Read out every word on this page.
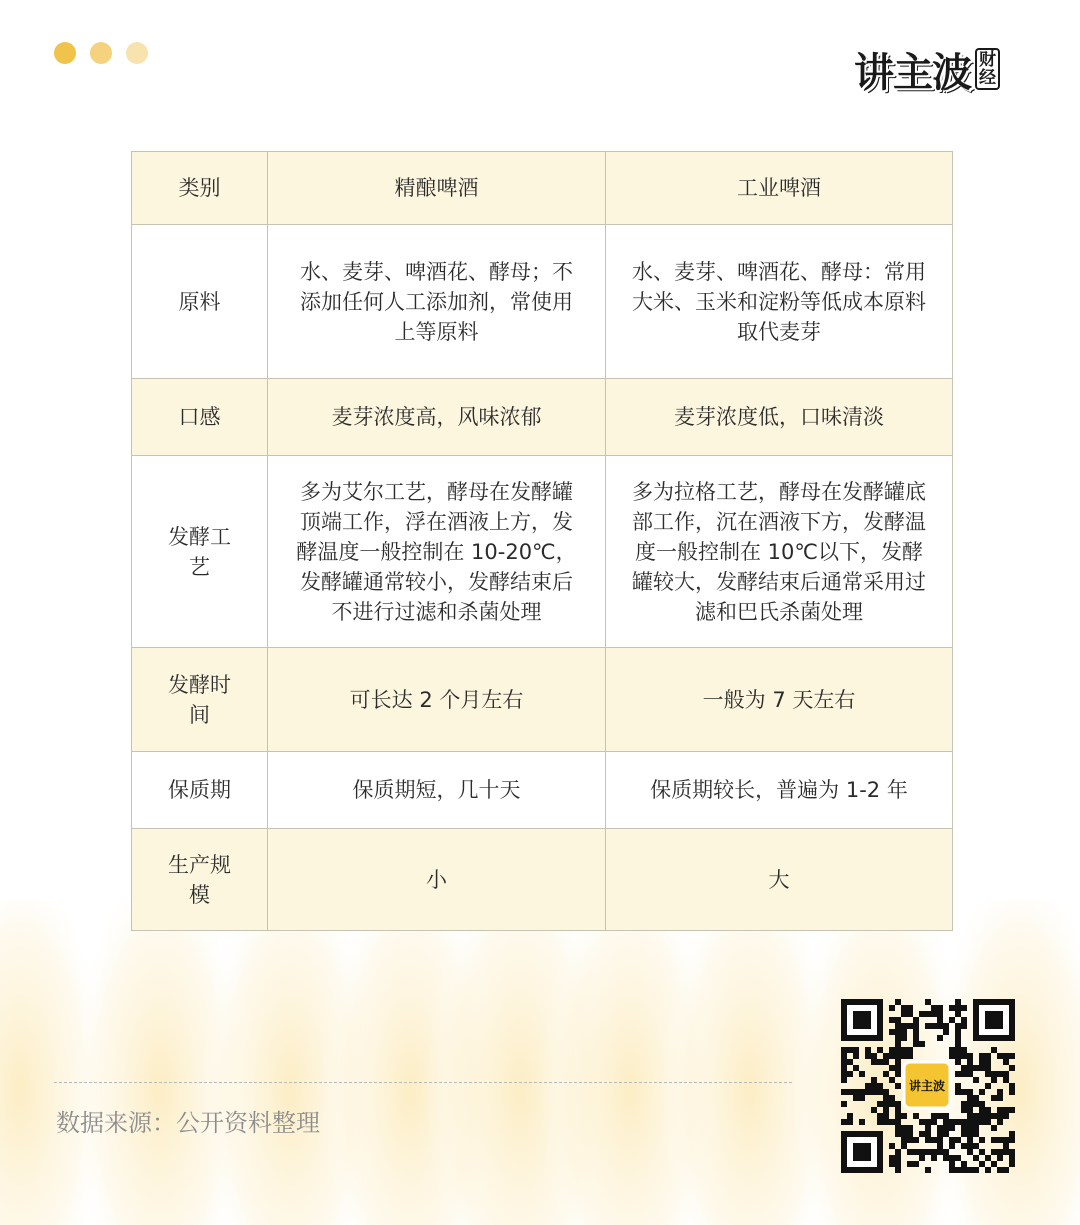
讲主波 财
经
类别	精酿啤酒	工业啤酒
原料	水、麦芽、啤酒花、酵母；不添加任何人工添加剂，常使用上等原料	水、麦芽、啤酒花、酵母：常用大米、玉米和淀粉等低成本原料取代麦芽
口感	麦芽浓度高，风味浓郁	麦芽浓度低，口味清淡
发酵工艺	多为艾尔工艺，酵母在发酵罐顶端工作，浮在酒液上方，发酵温度一般控制在 10-20℃，发酵罐通常较小，发酵结束后不进行过滤和杀菌处理	多为拉格工艺，酵母在发酵罐底部工作，沉在酒液下方，发酵温度一般控制在 10℃以下，发酵罐较大，发酵结束后通常采用过滤和巴氏杀菌处理
发酵时间	可长达 2 个月左右	一般为 7 天左右
保质期	保质期短，几十天	保质期较长，普遍为 1-2 年
生产规模	小	大
数据来源：公开资料整理
讲主波
